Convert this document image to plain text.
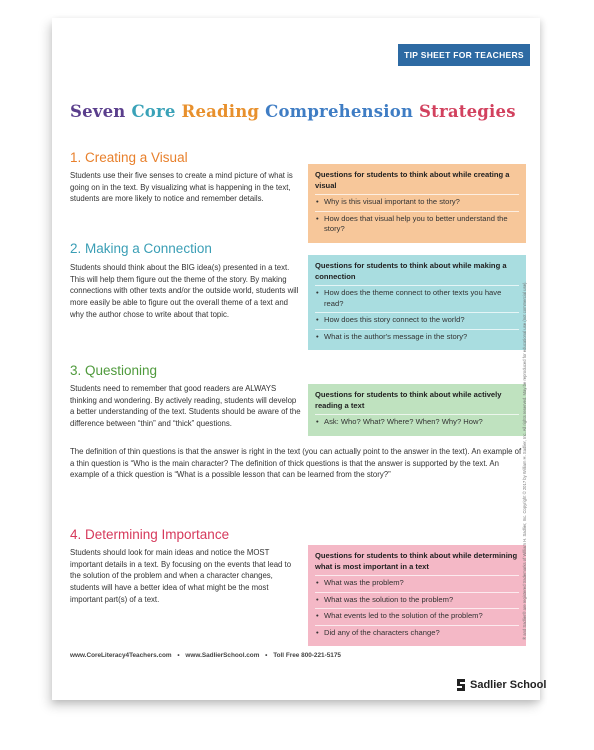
TIP SHEET FOR TEACHERS
Seven Core Reading Comprehension Strategies
1. Creating a Visual

Students use their five senses to create a mind picture of what is going on in the text. By visualizing what is happening in the text, students are more likely to notice and remember details.

Questions for students to think about while creating a visual
• Why is this visual important to the story?
• How does that visual help you to better understand the story?
2. Making a Connection

Students should think about the BIG idea(s) presented in a text. This will help them figure out the theme of the story. By making connections with other texts and/or the outside world, students will more easily be able to figure out the overall theme of a text and why the author chose to write about that topic.

Questions for students to think about while making a connection
• How does the theme connect to other texts you have read?
• How does this story connect to the world?
• What is the author's message in the story?
3. Questioning

Students need to remember that good readers are ALWAYS thinking and wondering. By actively reading, students will develop a better understanding of the text. Students should be aware of the difference between “thin” and “thick” questions.

The definition of thin questions is that the answer is right in the text (you can actually point to the answer in the text). An example of a thin question is “Who is the main character? The definition of thick questions is that the answer is supported by the text. An example of a thick question is “What is a possible lesson that can be learned from the story?”

Questions for students to think about while actively reading a text
• Ask: Who? What? Where? When? Why? How?
4. Determining Importance

Students should look for main ideas and notice the MOST important details in a text. By focusing on the events that lead to the solution of the problem and when a character changes, students will have a better idea of what might be the most important part(s) of a text.

Questions for students to think about while determining what is most important in a text
• What was the problem?
• What was the solution to the problem?
• What events led to the solution of the problem?
• Did any of the characters change?	® and Sadlier® are registered trademarks of William H. Sadlier, Inc. Copyright © 2017 by William H. Sadlier, Inc. All rights reserved. May be reproduced for educational use (not commercial use).
www.CoreLiteracy4Teachers.com • www.SadlierSchool.com • Toll Free 800-221-5175
Sadlier School
